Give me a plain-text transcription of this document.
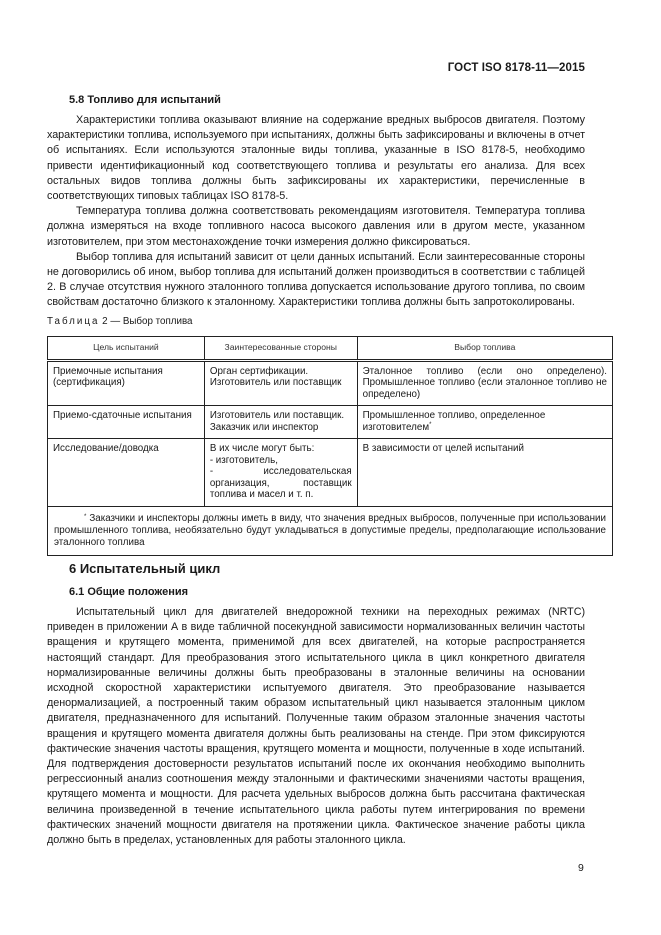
ГОСТ ISO 8178-11—2015
5.8 Топливо для испытаний

Характеристики топлива оказывают влияние на содержание вредных выбросов двигателя. Поэтому характеристики топлива, используемого при испытаниях, должны быть зафиксированы и включены в отчет об испытаниях. Если используются эталонные виды топлива, указанные в ISO 8178-5, необходимо привести идентификационный код соответствующего топлива и результаты его анализа. Для всех остальных видов топлива должны быть зафиксированы их характеристики, перечисленные в соответствующих типовых таблицах ISO 8178-5.

Температура топлива должна соответствовать рекомендациям изготовителя. Температура топлива должна измеряться на входе топливного насоса высокого давления или в другом месте, указанном изготовителем, при этом местонахождение точки измерения должно фиксироваться.

Выбор топлива для испытаний зависит от цели данных испытаний. Если заинтересованные стороны не договорились об ином, выбор топлива для испытаний должен производиться в соответствии с таблицей 2. В случае отсутствия нужного эталонного топлива допускается использование другого топлива, по своим свойствам достаточно близкого к эталонному. Характеристики топлива должны быть запротоколированы.

Таблица 2 — Выбор топлива
Цель испытаний	Заинтересованные стороны	Выбор топлива
Приемочные испытания (сертификация)	Орган сертификации. Изготовитель или поставщик	Эталонное топливо (если оно определено). Промышленное топливо (если эталонное топливо не определено)
Приемо-сдаточные испытания	Изготовитель или поставщик. Заказчик или инспектор	Промышленное топливо, определенное изготовителем*
Исследование/доводка	В их числе могут быть:
- изготовитель,
- исследовательская организация, поставщик топлива и масел и т. п.	В зависимости от целей испытаний
* Заказчики и инспекторы должны иметь в виду, что значения вредных выбросов, полученные при использовании промышленного топлива, необязательно будут укладываться в допустимые пределы, предполагающие использование эталонного топлива		
6 Испытательный цикл
6.1 Общие положения

Испытательный цикл для двигателей внедорожной техники на переходных режимах (NRTC) приведен в приложении А в виде табличной посекундной зависимости нормализованных величин частоты вращения и крутящего момента, применимой для всех двигателей, на которые распространяется настоящий стандарт. Для преобразования этого испытательного цикла в цикл конкретного двигателя нормализированные величины должны быть преобразованы в эталонные величины на основании исходной скоростной характеристики испытуемого двигателя. Это преобразование называется денормализацией, а построенный таким образом испытательный цикл называется эталонным циклом двигателя, предназначенного для испытаний. Полученные таким образом эталонные значения частоты вращения и крутящего момента двигателя должны быть реализованы на стенде. При этом фиксируются фактические значения частоты вращения, крутящего момента и мощности, полученные в ходе испытаний. Для подтверждения достоверности результатов испытаний после их окончания необходимо выполнить регрессионный анализ соотношения между эталонными и фактическими значениями частоты вращения, крутящего момента и мощности. Для расчета удельных выбросов должна быть рассчитана фактическая величина произведенной в течение испытательного цикла работы путем интегрирования по времени фактических значений мощности двигателя на протяжении цикла. Фактическое значение работы цикла должно быть в пределах, установленных для работы эталонного цикла.

9
